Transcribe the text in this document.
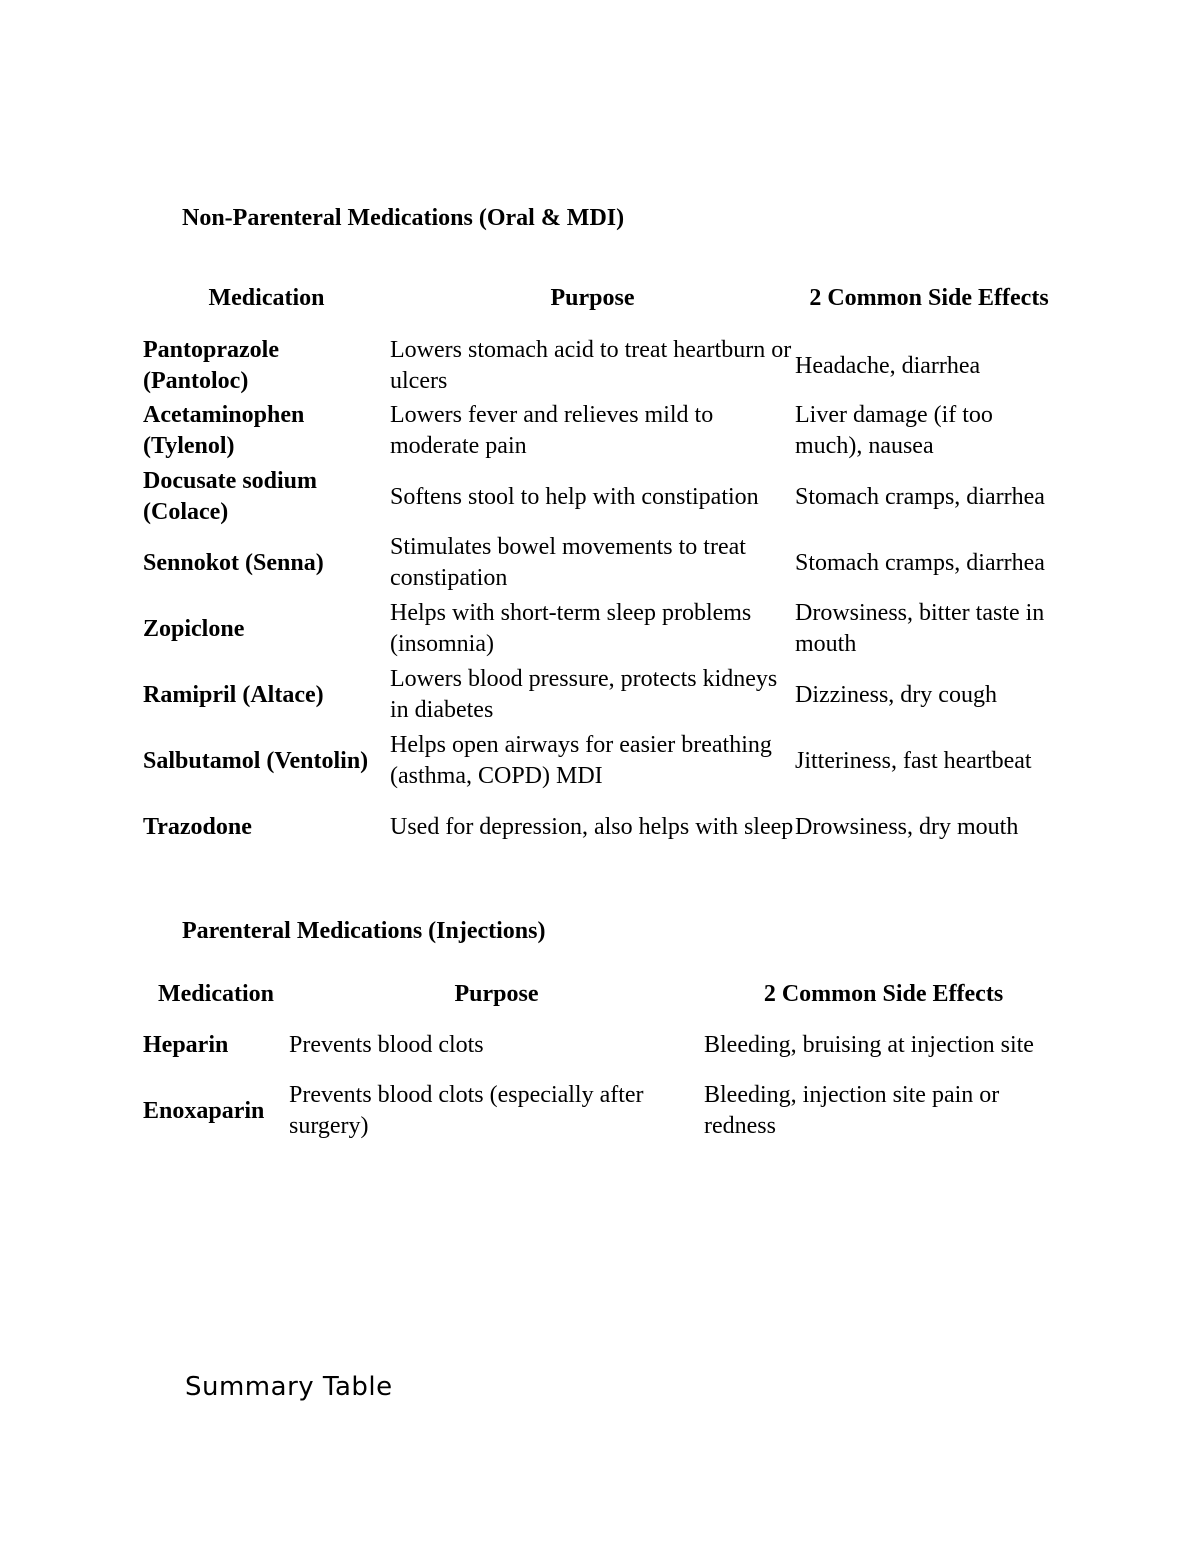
Non-Parenteral Medications (Oral & MDI)
Medication	Purpose	2 Common Side Effects
Pantoprazole (Pantoloc)	Lowers stomach acid to treat heartburn or ulcers	Headache, diarrhea
Acetaminophen (Tylenol)	Lowers fever and relieves mild to moderate pain	Liver damage (if too much), nausea
Docusate sodium (Colace)	Softens stool to help with constipation	Stomach cramps, diarrhea
Sennokot (Senna)	Stimulates bowel movements to treat constipation	Stomach cramps, diarrhea
Zopiclone	Helps with short-term sleep problems (insomnia)	Drowsiness, bitter taste in mouth
Ramipril (Altace)	Lowers blood pressure, protects kidneys in diabetes	Dizziness, dry cough
Salbutamol (Ventolin)	Helps open airways for easier breathing (asthma, COPD) MDI	Jitteriness, fast heartbeat
Trazodone	Used for depression, also helps with sleep	Drowsiness, dry mouth
Parenteral Medications (Injections)
Medication	Purpose	2 Common Side Effects
Heparin	Prevents blood clots	Bleeding, bruising at injection site
Enoxaparin	Prevents blood clots (especially after surgery)	Bleeding, injection site pain or redness
Summary Table
